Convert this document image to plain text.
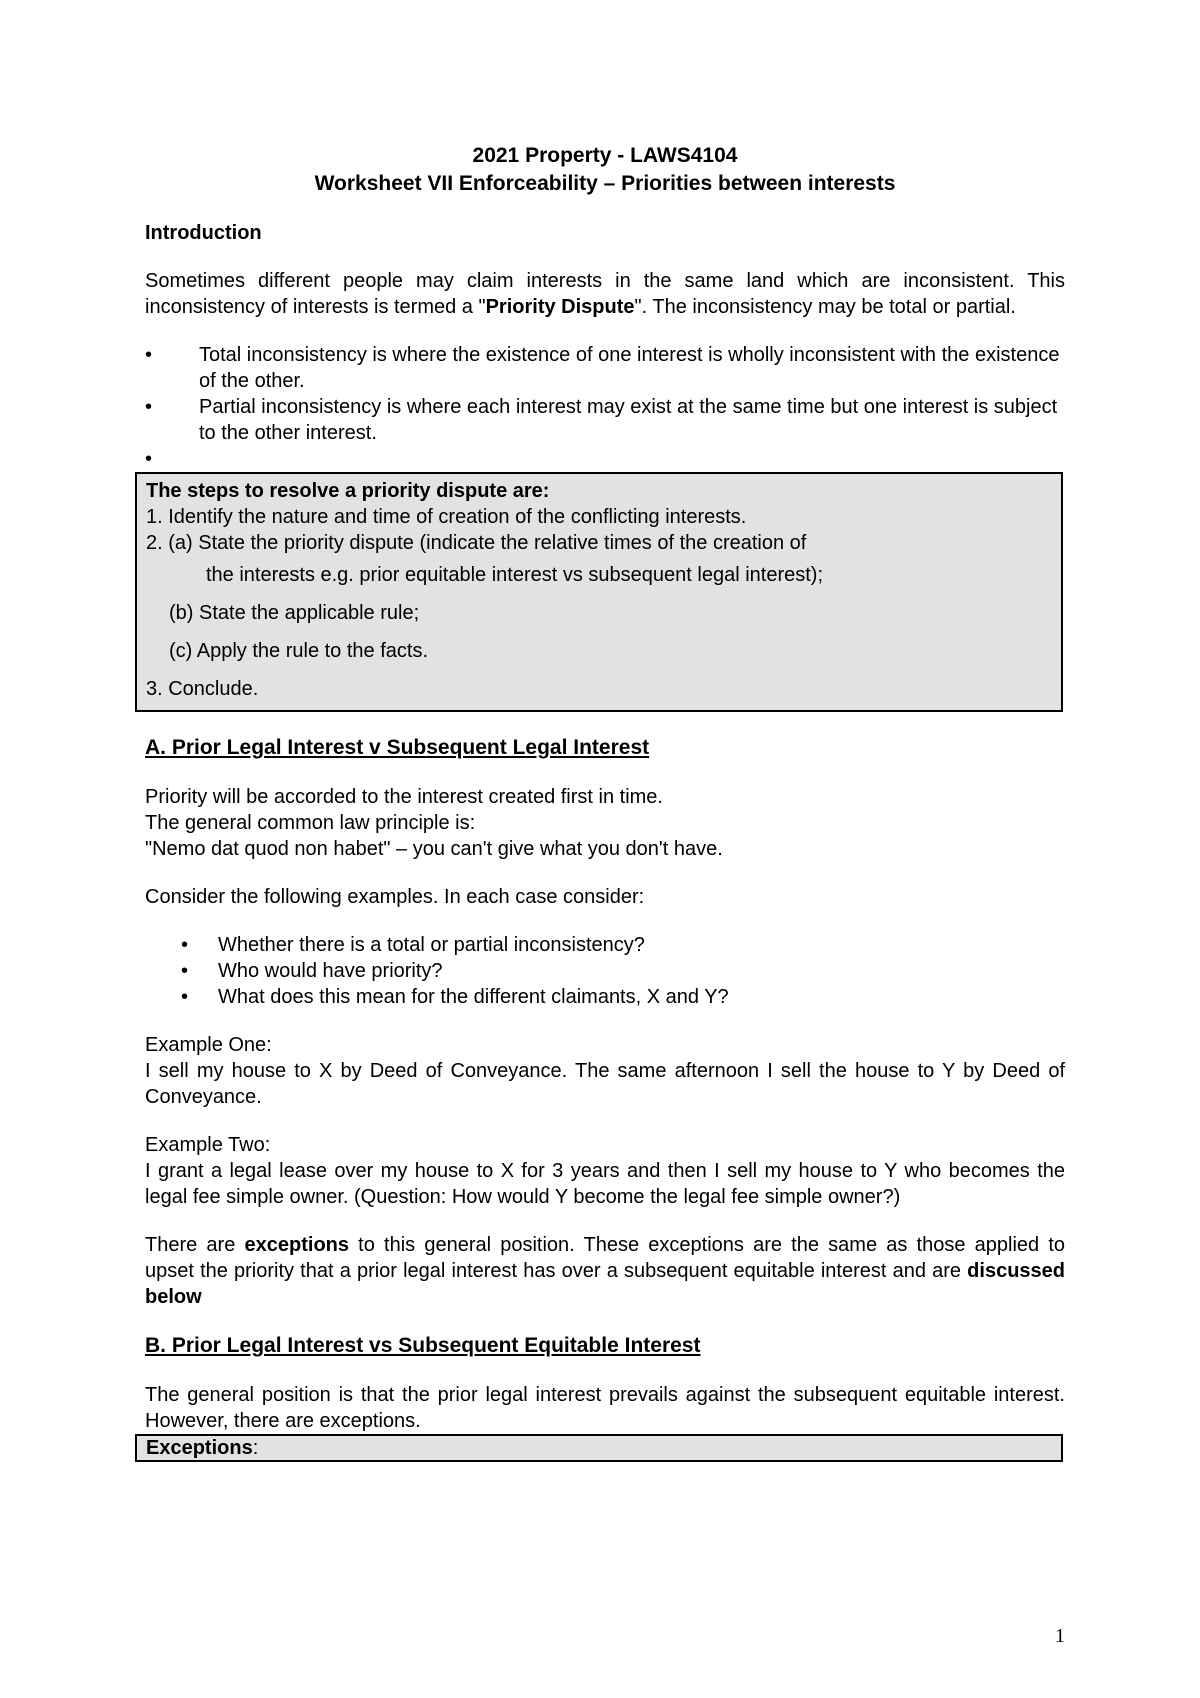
2021 Property - LAWS4104

Worksheet VII Enforceability – Priorities between interests

Introduction

Sometimes different people may claim interests in the same land which are inconsistent. This inconsistency of interests is termed a "Priority Dispute". The inconsistency may be total or partial.

• Total inconsistency is where the existence of one interest is wholly inconsistent with the existence of the other.
• Partial inconsistency is where each interest may exist at the same time but one interest is subject to the other interest.
•
The steps to resolve a priority dispute are:
1. Identify the nature and time of creation of the conflicting interests.
2. (a) State the priority dispute (indicate the relative times of the creation of
the interests e.g. prior equitable interest vs subsequent legal interest);
(b) State the applicable rule;
(c) Apply the rule to the facts.
3. Conclude.

A. Prior Legal Interest v Subsequent Legal Interest

Priority will be accorded to the interest created first in time.

The general common law principle is:

"Nemo dat quod non habet" – you can't give what you don't have.

Consider the following examples. In each case consider:

• Whether there is a total or partial inconsistency?
• Who would have priority?
• What does this mean for the different claimants, X and Y?

Example One:

I sell my house to X by Deed of Conveyance. The same afternoon I sell the house to Y by Deed of Conveyance.

Example Two:

I grant a legal lease over my house to X for 3 years and then I sell my house to Y who becomes the legal fee simple owner. (Question: How would Y become the legal fee simple owner?)

There are exceptions to this general position. These exceptions are the same as those applied to upset the priority that a prior legal interest has over a subsequent equitable interest and are discussed below

B. Prior Legal Interest vs Subsequent Equitable Interest

The general position is that the prior legal interest prevails against the subsequent equitable interest. However, there are exceptions.

Exceptions:
1
